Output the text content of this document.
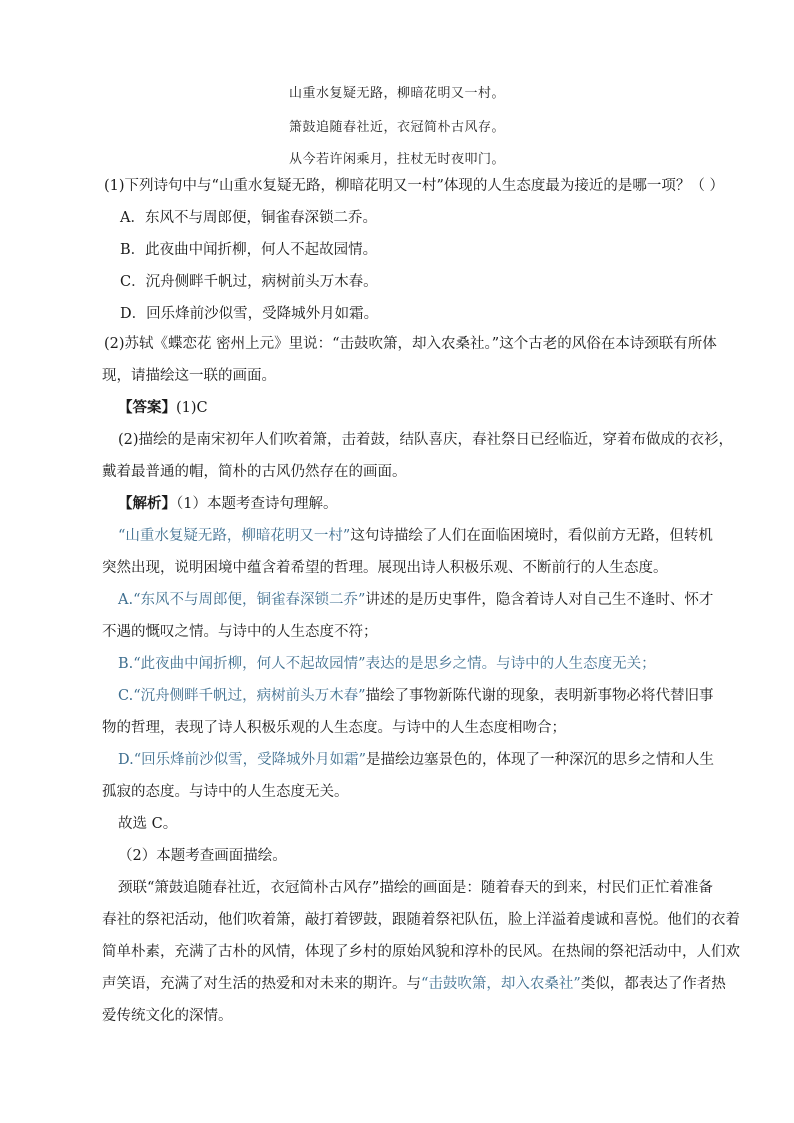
山重水复疑无路，柳暗花明又一村。
箫鼓追随春社近，衣冠简朴古风存。
从今若许闲乘月，拄杖无时夜叩门。
(1)下列诗句中与“山重水复疑无路，柳暗花明又一村”体现的人生态度最为接近的是哪一项？（ ）
A．东风不与周郎便，铜雀春深锁二乔。
B．此夜曲中闻折柳，何人不起故园情。
C．沉舟侧畔千帆过，病树前头万木春。
D．回乐烽前沙似雪，受降城外月如霜。
(2)苏轼《蝶恋花 密州上元》里说：“击鼓吹箫，却入农桑社。”这个古老的风俗在本诗颈联有所体
现，请描绘这一联的画面。
【答案】(1)C
(2)描绘的是南宋初年人们吹着箫，击着鼓，结队喜庆，春社祭日已经临近，穿着布做成的衣衫，
戴着最普通的帽，简朴的古风仍然存在的画面。
【解析】（1）本题考查诗句理解。
“山重水复疑无路，柳暗花明又一村”这句诗描绘了人们在面临困境时，看似前方无路，但转机
突然出现，说明困境中蕴含着希望的哲理。展现出诗人积极乐观、不断前行的人生态度。
A.“东风不与周郎便，铜雀春深锁二乔”讲述的是历史事件，隐含着诗人对自己生不逢时、怀才
不遇的慨叹之情。与诗中的人生态度不符；
B.“此夜曲中闻折柳，何人不起故园情”表达的是思乡之情。与诗中的人生态度无关；
C.“沉舟侧畔千帆过，病树前头万木春”描绘了事物新陈代谢的现象，表明新事物必将代替旧事
物的哲理，表现了诗人积极乐观的人生态度。与诗中的人生态度相吻合；
D.“回乐烽前沙似雪，受降城外月如霜”是描绘边塞景色的，体现了一种深沉的思乡之情和人生
孤寂的态度。与诗中的人生态度无关。
故选 C。
（2）本题考查画面描绘。
颈联“箫鼓追随春社近，衣冠简朴古风存”描绘的画面是：随着春天的到来，村民们正忙着准备
春社的祭祀活动，他们吹着箫，敲打着锣鼓，跟随着祭祀队伍，脸上洋溢着虔诚和喜悦。他们的衣着
简单朴素，充满了古朴的风情，体现了乡村的原始风貌和淳朴的民风。在热闹的祭祀活动中，人们欢
声笑语，充满了对生活的热爱和对未来的期许。与“击鼓吹箫，却入农桑社”类似，都表达了作者热
爱传统文化的深情。
